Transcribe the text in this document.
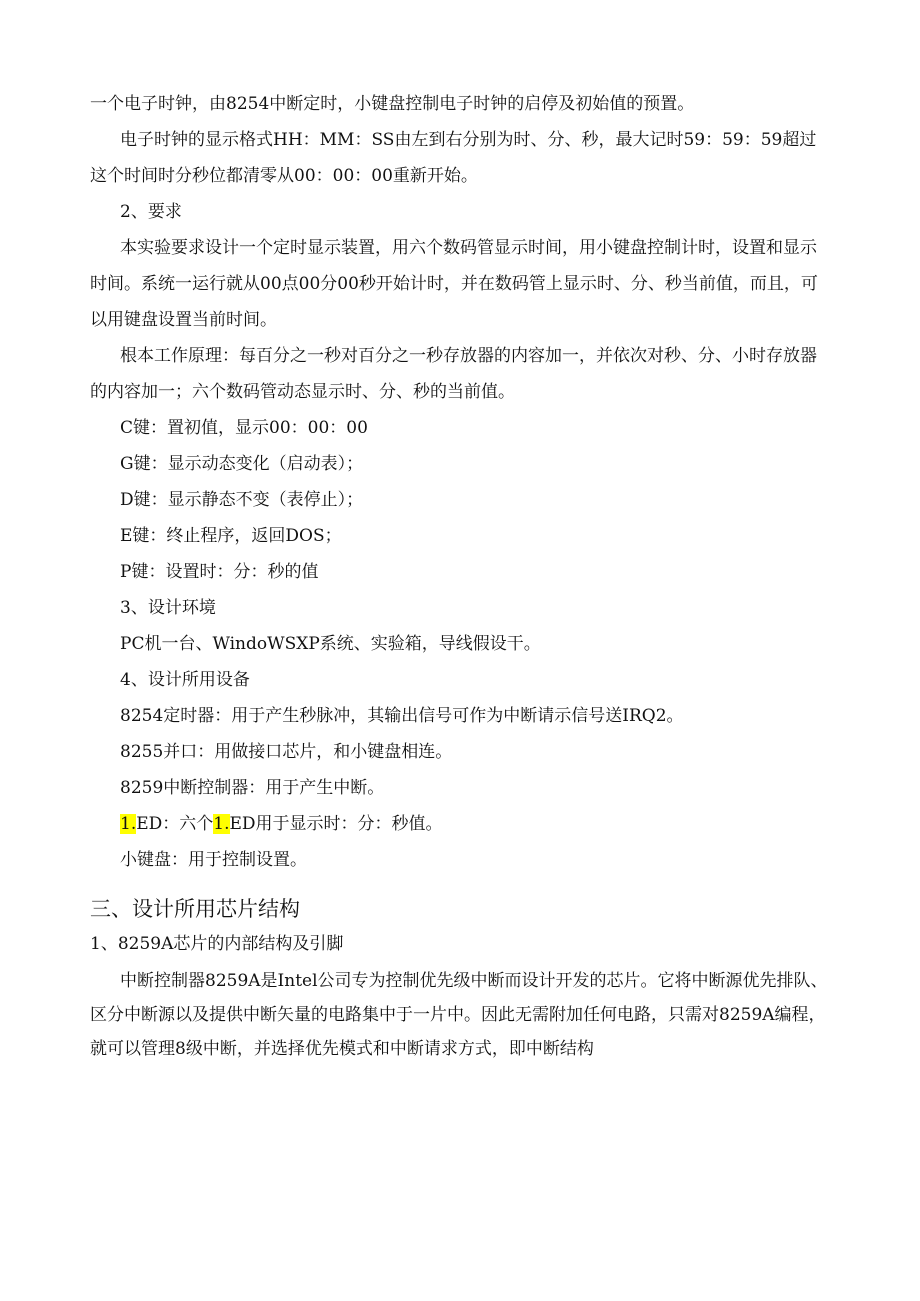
一个电子时钟，由8254中断定时，小键盘控制电子时钟的启停及初始值的预置。

电子时钟的显示格式HH：MM：SS由左到右分别为时、分、秒，最大记时59：59：59超过这个时间时分秒位都清零从00：00：00重新开始。

2、要求

本实验要求设计一个定时显示装置，用六个数码管显示时间，用小键盘控制计时，设置和显示时间。系统一运行就从00点00分00秒开始计时，并在数码管上显示时、分、秒当前值，而且，可以用键盘设置当前时间。

根本工作原理：每百分之一秒对百分之一秒存放器的内容加一，并依次对秒、分、小时存放器的内容加一；六个数码管动态显示时、分、秒的当前值。

C键：置初值，显示00：00：00

G键：显示动态变化（启动表）；

D键：显示静态不变（表停止）；

E键：终止程序，返回DOS；

P键：设置时：分：秒的值

3、设计环境

PC机一台、WindoWSXP系统、实验箱，导线假设干。

4、设计所用设备

8254定时器：用于产生秒脉冲，其输出信号可作为中断请示信号送IRQ2。

8255并口：用做接口芯片，和小键盘相连。

8259中断控制器：用于产生中断。

1.ED：六个1.ED用于显示时：分：秒值。

小键盘：用于控制设置。

三、设计所用芯片结构

1、8259A芯片的内部结构及引脚

中断控制器8259A是Intel公司专为控制优先级中断而设计开发的芯片。它将中断源优先排队、区分中断源以及提供中断矢量的电路集中于一片中。因此无需附加任何电路，只需对8259A编程，就可以管理8级中断，并选择优先模式和中断请求方式，即中断结构
